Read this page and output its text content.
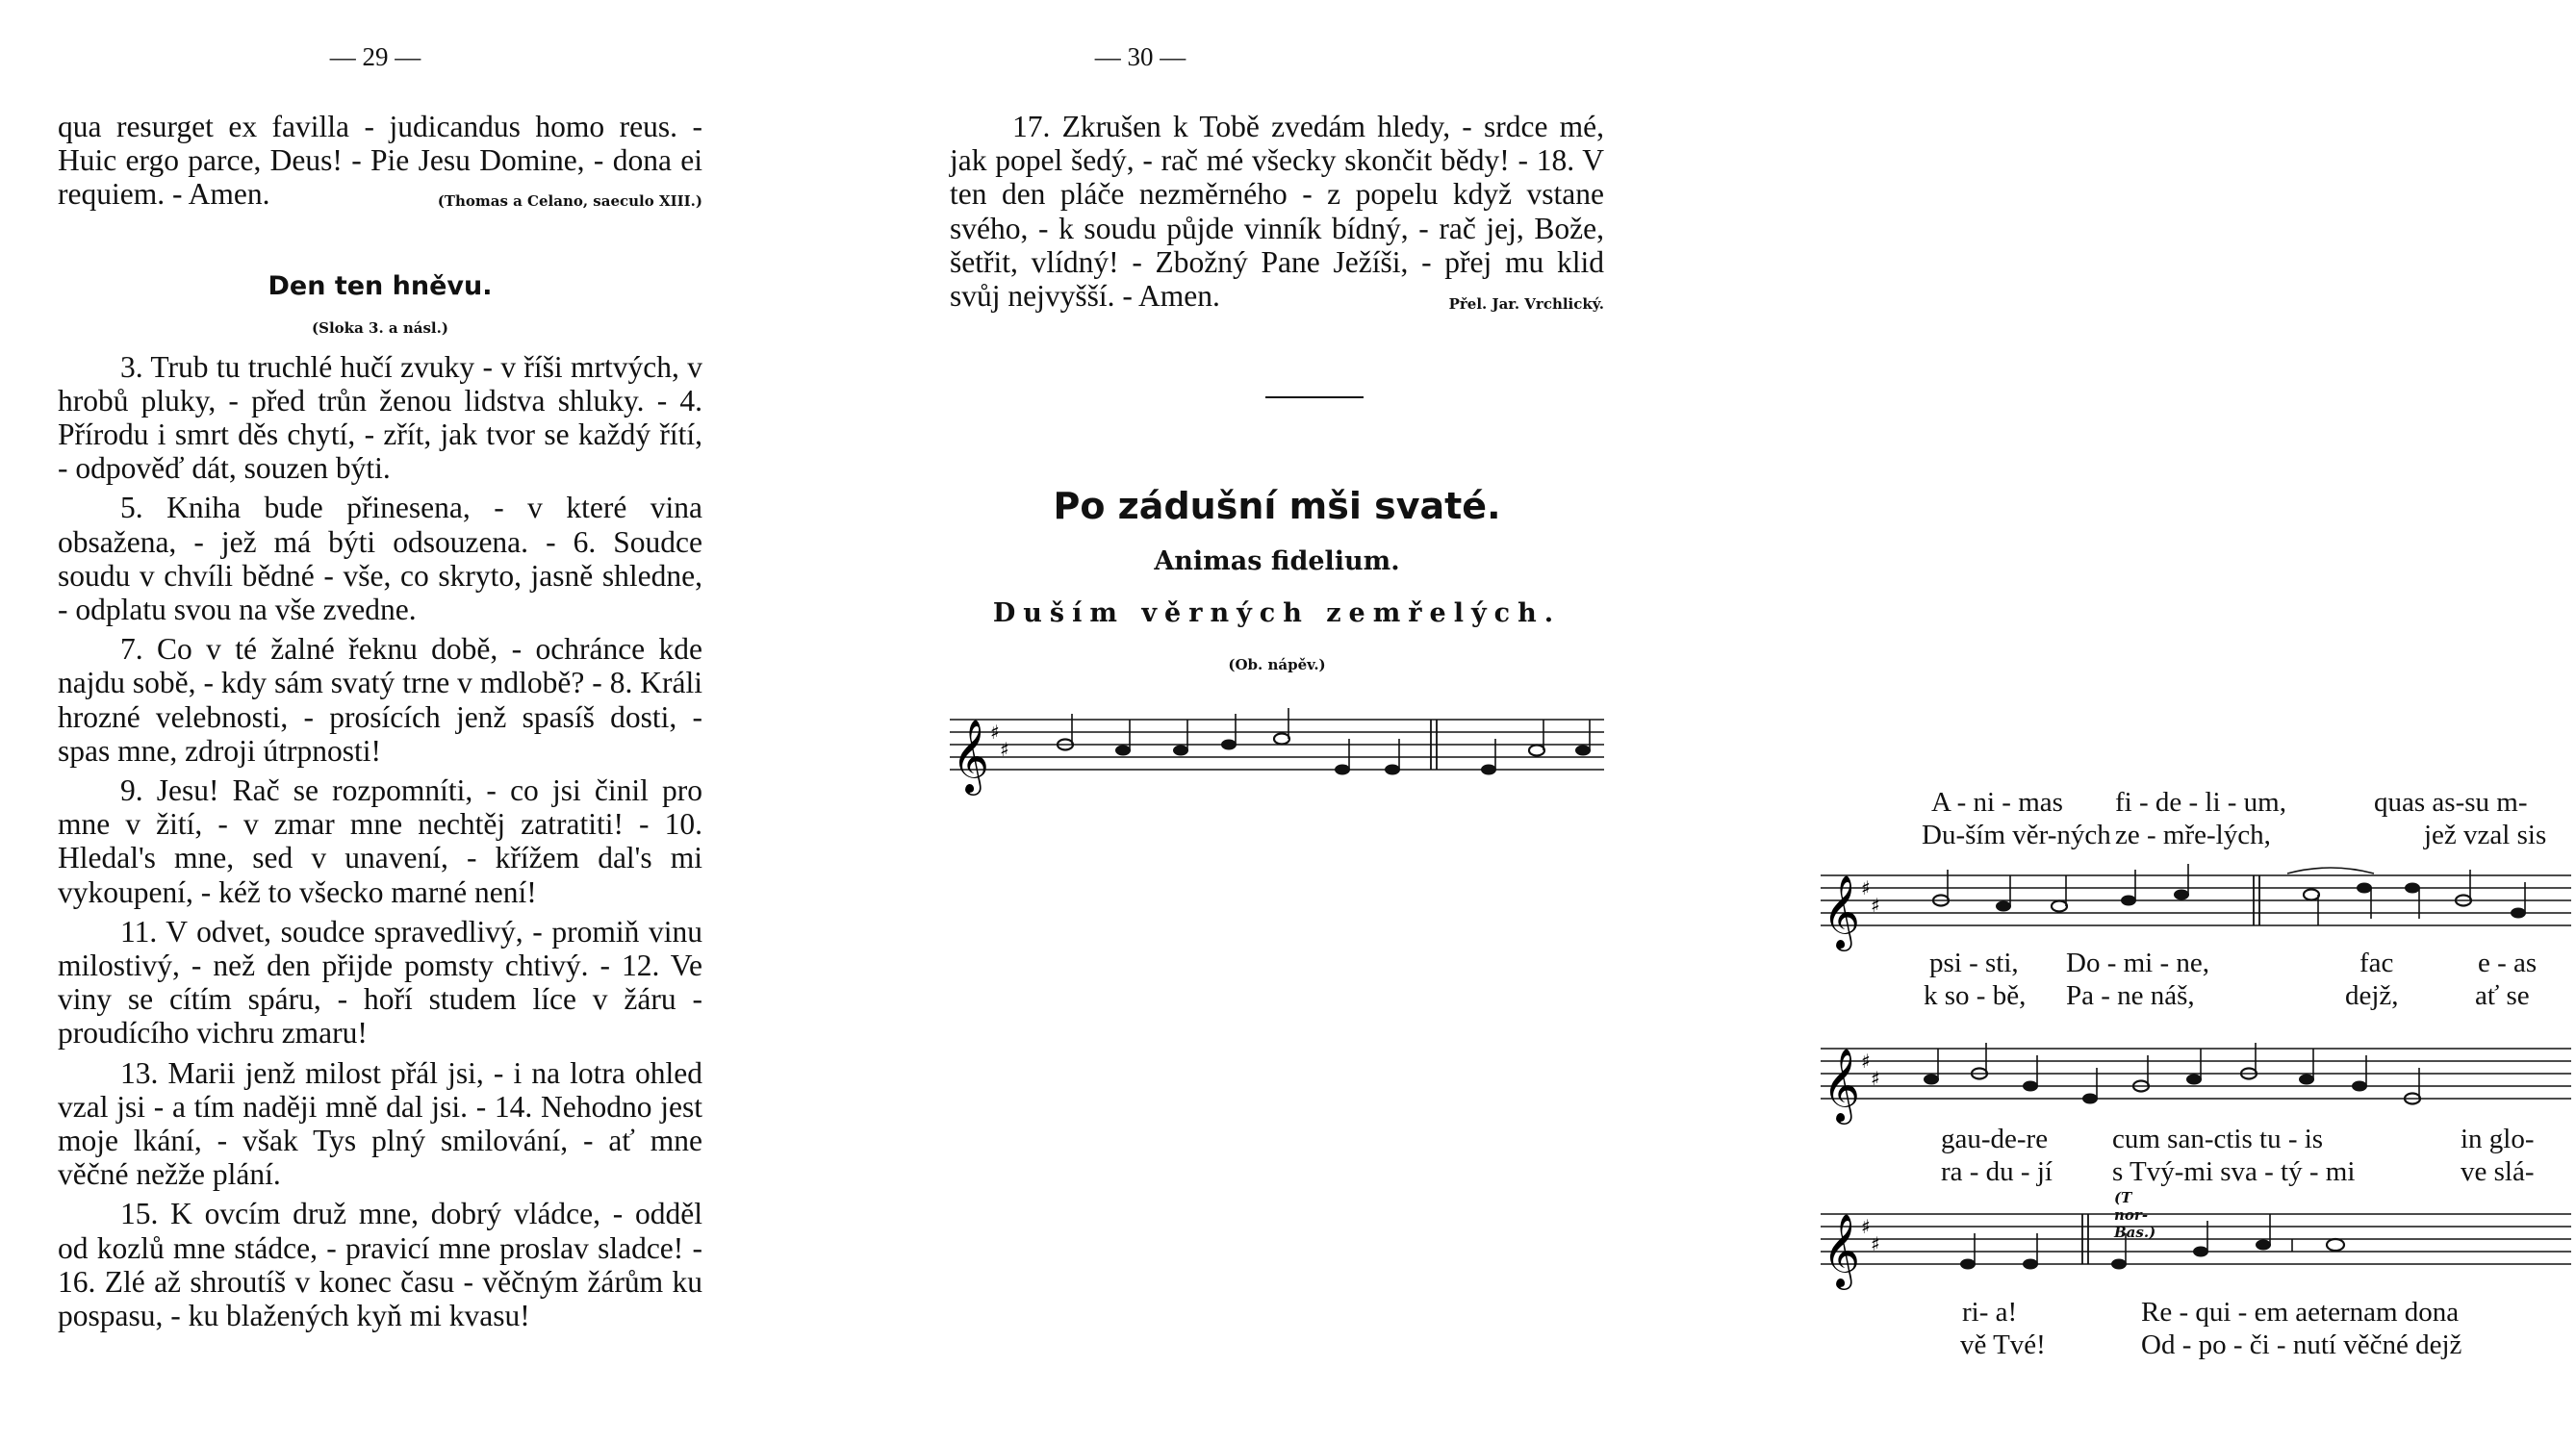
— 29 —

qua resurget ex favilla - judicandus homo reus. - Huic ergo parce, Deus! - Pie Jesu Domine, - dona ei requiem. - Amen.	(Thomas a Celano, saeculo XIII.)

Den ten hněvu.
(Sloka 3. a násl.)

3. Trub tu truchlé hučí zvuky - v říši mrtvých, v hrobů pluky, - před trůn ženou lidstva shluky. - 4. Přírodu i smrt děs chytí, - zřít, jak tvor se každý řítí, - odpověď dát, souzen býti.

5. Kniha bude přinesena, - v které vina obsažena, - jež má býti odsouzena. - 6. Soudce soudu v chvíli bědné - vše, co skryto, jasně shledne, - odplatu svou na vše zvedne.

7. Co v té žalné řeknu době, - ochránce kde najdu sobě, - kdy sám svatý trne v mdlobě? - 8. Králi hrozné velebnosti, - prosících jenž spasíš dosti, - spas mne, zdroji útrpnosti!

9. Jesu! Rač se rozpomníti, - co jsi činil pro mne v žití, - v zmar mne nechtěj zatratiti! - 10. Hledal's mne, sed v unavení, - křížem dal's mi vykoupení, - kéž to všecko marné není!

11. V odvet, soudce spravedlivý, - promiň vinu milostivý, - než den přijde pomsty chtivý. - 12. Ve viny se cítím spáru, - hoří studem líce v žáru - proudícího vichru zmaru!

13. Marii jenž milost přál jsi, - i na lotra ohled vzal jsi - a tím naději mně dal jsi. - 14. Nehodno jest moje lkání, - však Tys plný smilování, - ať mne věčné nežže plání.

15. K ovcím druž mne, dobrý vládce, - odděl od kozlů mne stádce, - pravicí mne proslav sladce! - 16. Zlé až shroutíš v konec času - věčným žárům ku pospasu, - ku blažených kyň mi kvasu!

— 30 —

17. Zkrušen k Tobě zvedám hledy, - srdce mé, jak popel šedý, - rač mé všecky skončit bědy! - 18. V ten den pláče nezměrného - z popelu když vstane svého, - k soudu půjde vinník bídný, - rač jej, Bože, šetřit, vlídný! - Zbožný Pane Ježíši, - přej mu klid svůj nejvyšší. - Amen.	Přel. Jar. Vrchlický.

Po zádušní mši svaté.
Animas fidelium.
Duším věrných zemřelých.
(Ob. nápěv.)
𝄞 ♯
♯
A - ni - mas fi - de - li - um,	quas as-su m-
Du-ším věr-ných ze - mře-lých,	jež vzal sis
𝄞 ♯
♯
psi - sti, Do - mi - ne,	fac	e - as
k so - bě, Pa - ne náš,	dejž,	ať se
𝄞 ♯
♯
gau-de-re cum san-ctis tu - is	in glo-
ra - du - jí s Tvý-mi sva - tý - mi	ve slá-
(T nor-Bas.)
𝄞 ♯
♯
ri- a!	Re - qui - em aeternam dona
vě Tvé!	Od - po - či - nutí věčné dejž
